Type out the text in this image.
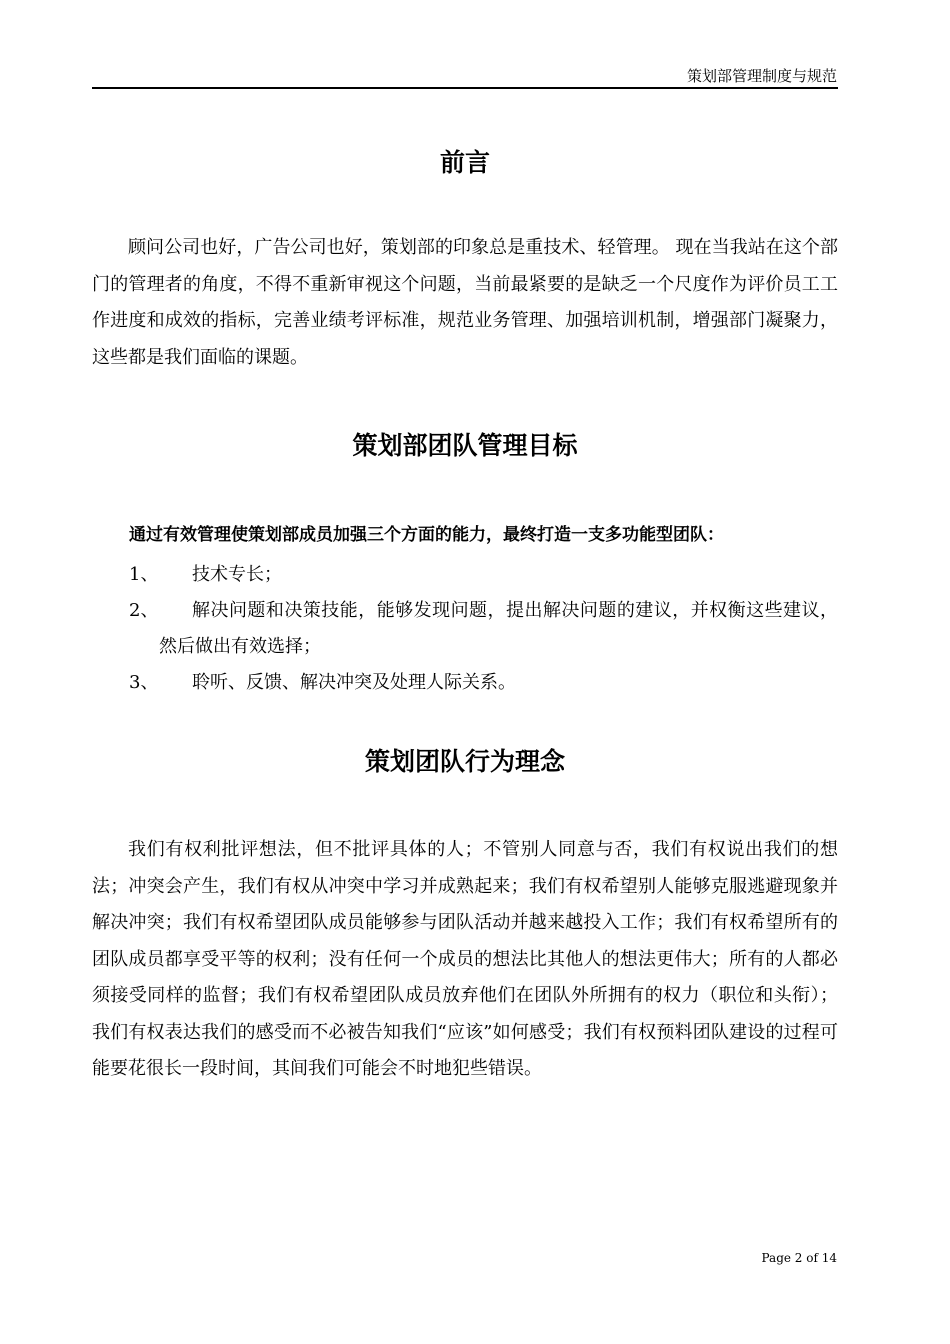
策划部管理制度与规范
前言

顾问公司也好，广告公司也好，策划部的印象总是重技术、轻管理。 现在当我站在这个部门的管理者的角度，不得不重新审视这个问题，当前最紧要的是缺乏一个尺度作为评价员工工作进度和成效的指标，完善业绩考评标准，规范业务管理、加强培训机制，增强部门凝聚力，这些都是我们面临的课题。

策划部团队管理目标
通过有效管理使策划部成员加强三个方面的能力，最终打造一支多功能型团队：
1、	技术专长；
2、	解决问题和决策技能，能够发现问题，提出解决问题的建议，并权衡这些建议，然后做出有效选择；
3、	聆听、反馈、解决冲突及处理人际关系。
策划团队行为理念

我们有权利批评想法，但不批评具体的人；不管别人同意与否，我们有权说出我们的想法；冲突会产生，我们有权从冲突中学习并成熟起来；我们有权希望别人能够克服逃避现象并解决冲突；我们有权希望团队成员能够参与团队活动并越来越投入工作；我们有权希望所有的团队成员都享受平等的权利；没有任何一个成员的想法比其他人的想法更伟大；所有的人都必须接受同样的监督；我们有权希望团队成员放弃他们在团队外所拥有的权力（职位和头衔）；我们有权表达我们的感受而不必被告知我们“应该”如何感受；我们有权预料团队建设的过程可能要花很长一段时间，其间我们可能会不时地犯些错误。

Page 2 of 14
